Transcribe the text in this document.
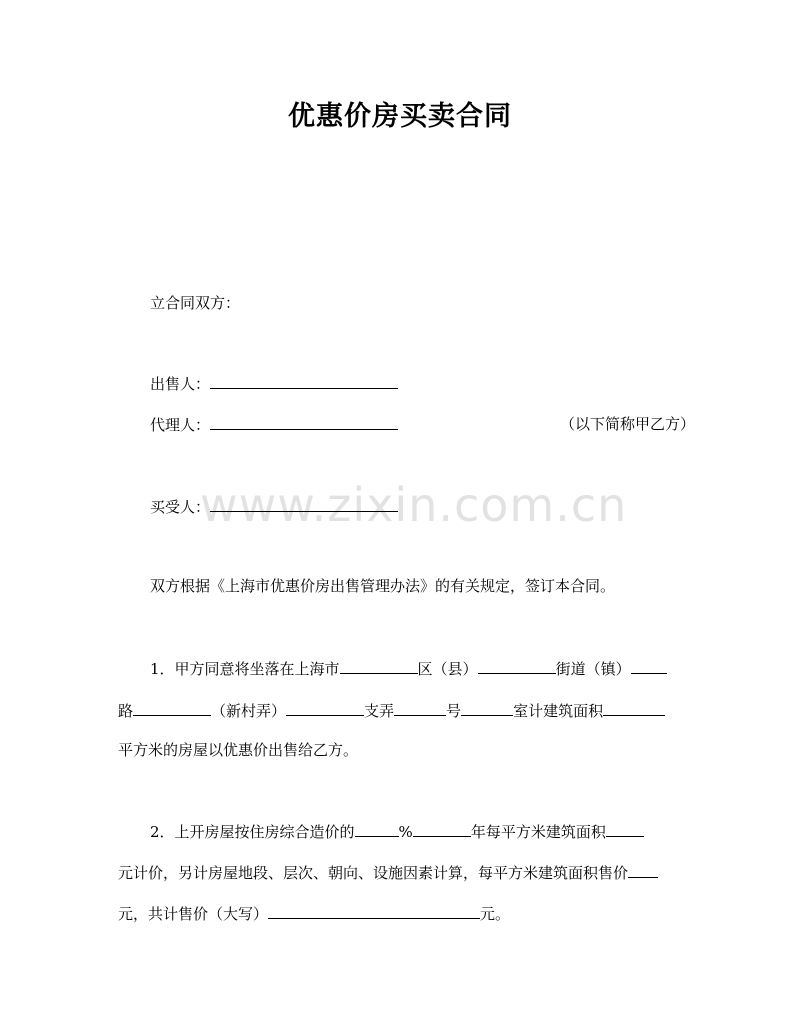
优惠价房买卖合同
www.zixin.com.cn
立合同双方：
出售人：
代理人：	（以下简称甲乙方）
买受人：
双方根据《上海市优惠价房出售管理办法》的有关规定，签订本合同。
1．甲方同意将坐落在上海市	区（县）	街道（镇）
路	（新村弄）	支弄	号	室计建筑面积
平方米的房屋以优惠价出售给乙方。
2．上开房屋按住房综合造价的	%	年每平方米建筑面积
元计价，另计房屋地段、层次、朝向、设施因素计算，每平方米建筑面积售价
元，共计售价（大写）	元。
